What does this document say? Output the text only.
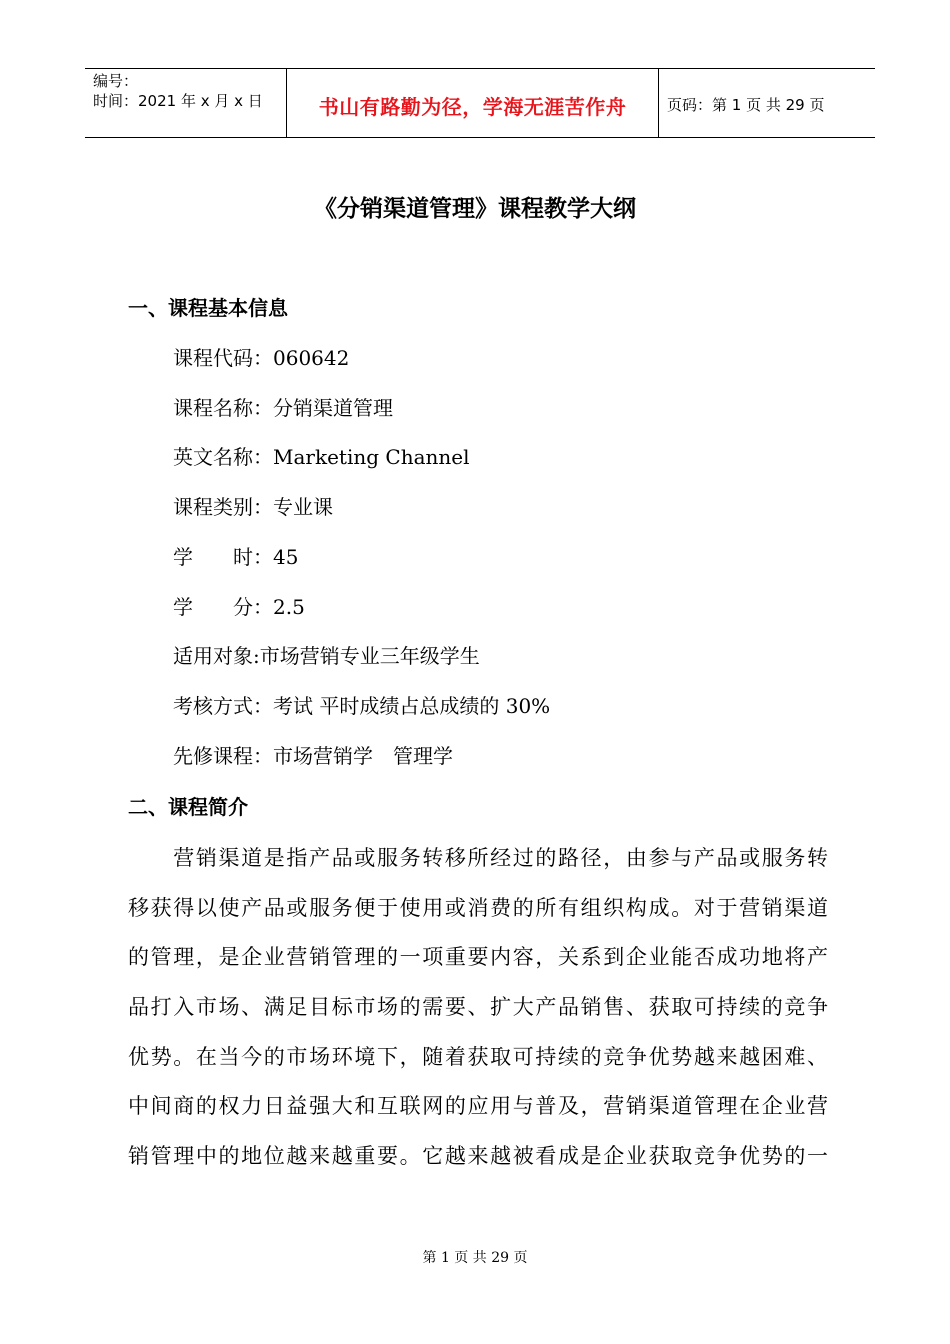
编号：
时间：2021 年 x 月 x 日	书山有路勤为径，学海无涯苦作舟	页码：第 1 页 共 29 页
《分销渠道管理》课程教学大纲
一、课程基本信息
课程代码：060642
课程名称：分销渠道管理
英文名称：Marketing Channel
课程类别：专业课
学　　时：45
学　　分：2.5
适用对象:市场营销专业三年级学生
考核方式：考试 平时成绩占总成绩的 30%
先修课程：市场营销学　管理学
二、课程简介
　　营销渠道是指产品或服务转移所经过的路径，由参与产品或服务转
移获得以使产品或服务便于使用或消费的所有组织构成。对于营销渠道
的管理，是企业营销管理的一项重要内容，关系到企业能否成功地将产
品打入市场、满足目标市场的需要、扩大产品销售、获取可持续的竞争
优势。在当今的市场环境下，随着获取可持续的竞争优势越来越困难、
中间商的权力日益强大和互联网的应用与普及，营销渠道管理在企业营
销管理中的地位越来越重要。它越来越被看成是企业获取竞争优势的一
第 1 页 共 29 页
